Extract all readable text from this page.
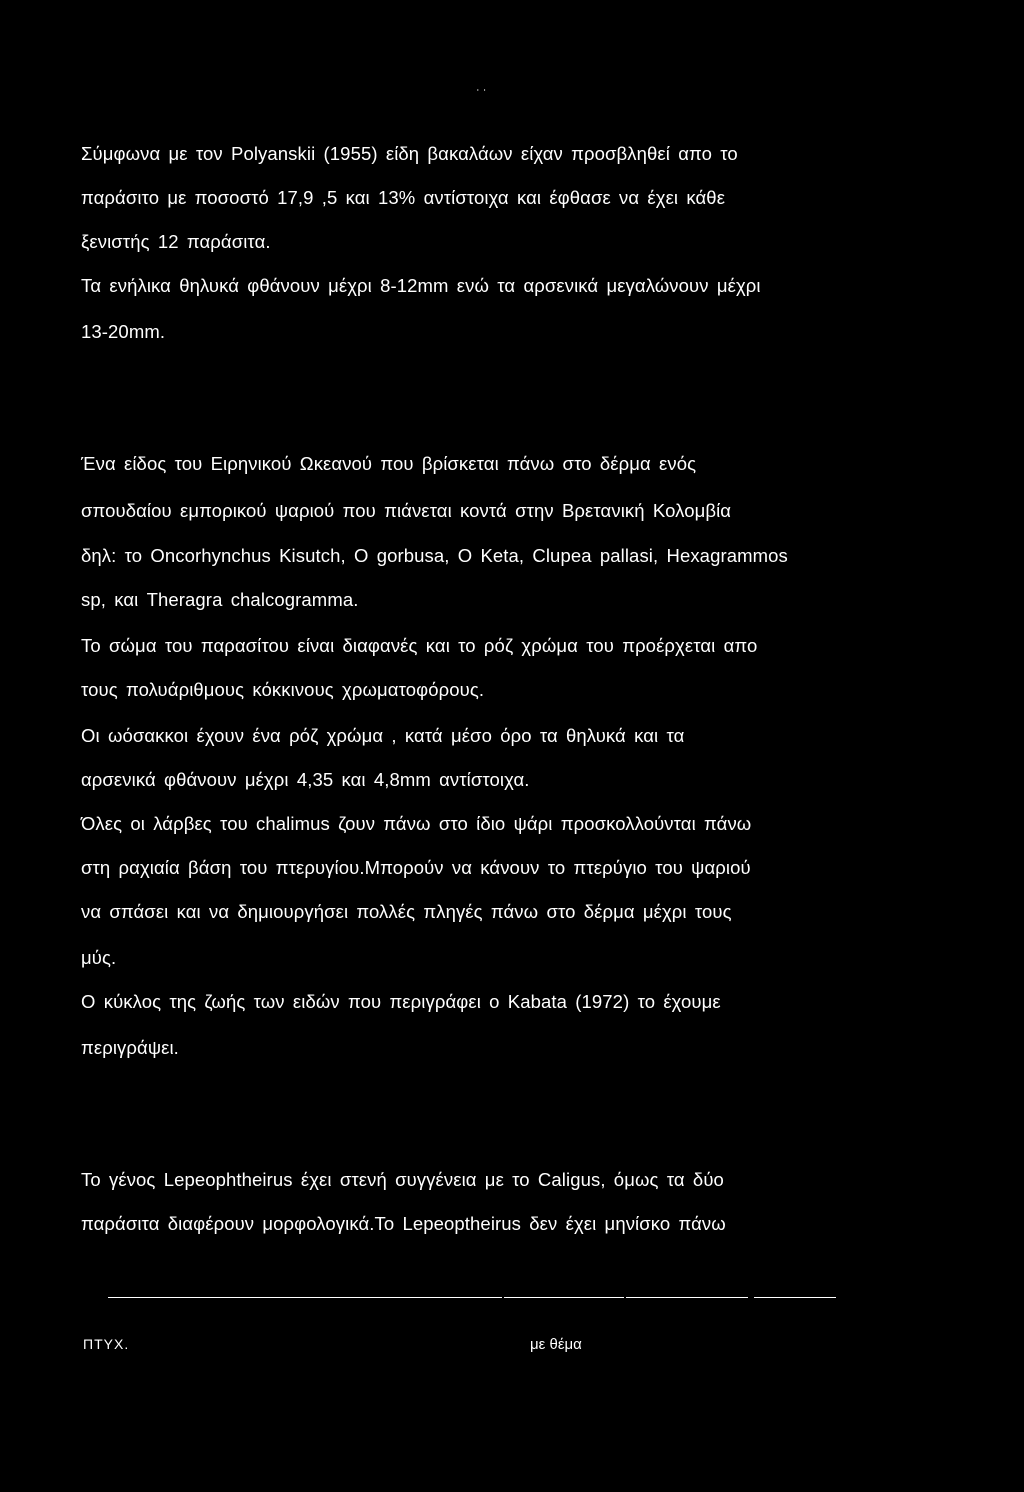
ʿ ʿ
Σύμφωνα με τον Polyanskii (1955) είδη βακαλάων είχαν προσβληθεί απο το
παράσιτο με ποσοστό 17,9 ,5 και 13% αντίστοιχα και έφθασε να έχει κάθε
ξενιστής 12 παράσιτα.
Τα ενήλικα θηλυκά φθάνουν μέχρι 8-12mm ενώ τα αρσενικά μεγαλώνουν μέχρι
13-20mm.
Ένα είδος του Ειρηνικού Ωκεανού που βρίσκεται πάνω στο δέρμα ενός
σπουδαίου εμπορικού ψαριού που πιάνεται κοντά στην Βρετανική Κολομβία
δηλ: το Oncorhynchus Kisutch, O gorbusa, O Keta, Clupea pallasi, Hexagrammos
sp, και Theragra chalcogramma.
Το σώμα του παρασίτου είναι διαφανές και το ρόζ χρώμα του προέρχεται απο
τους πολυάριθμους κόκκινους χρωματοφόρους.
Οι ωόσακκοι έχουν ένα ρόζ χρώμα , κατά μέσο όρο τα θηλυκά και τα
αρσενικά φθάνουν μέχρι 4,35 και 4,8mm αντίστοιχα.
Όλες οι λάρβες του chalimus ζουν πάνω στο ίδιο ψάρι προσκολλούνται πάνω
στη ραχιαία βάση του πτερυγίου.Μπορούν να κάνουν το πτερύγιο του ψαριού
να σπάσει και να δημιουργήσει πολλές πληγές πάνω στο δέρμα μέχρι τους
μύς.
Ο κύκλος της ζωής των ειδών που περιγράφει ο Kabata (1972) το έχουμε
περιγράψει.
Το γένος Lepeophtheirus έχει στενή συγγένεια με το Caligus, όμως τα δύο
παράσιτα διαφέρουν μορφολογικά.Το Lepeoptheirus δεν έχει μηνίσκο πάνω
ΠΤΥΧ.	με θέμα
